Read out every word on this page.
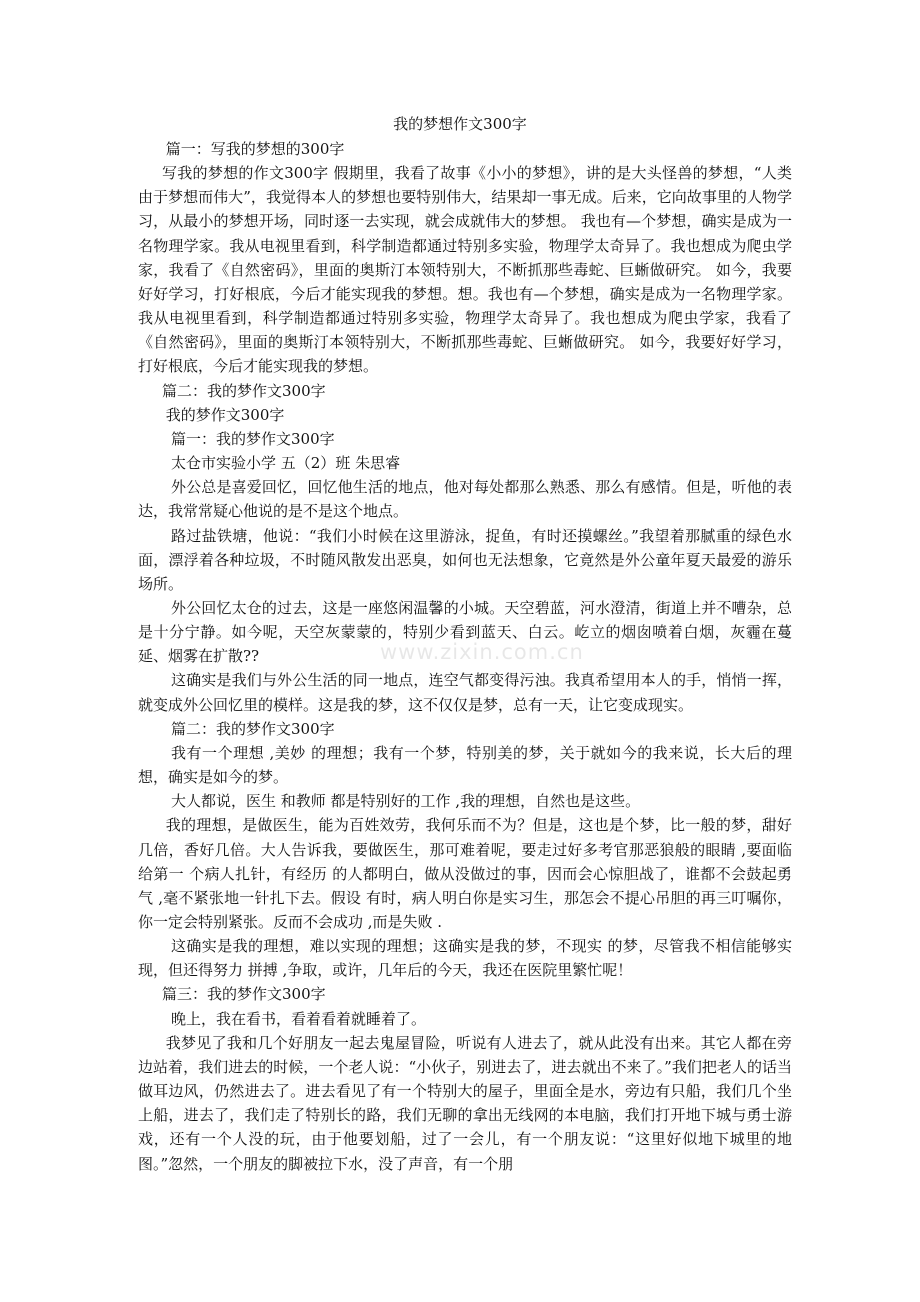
我的梦想作文300字

篇一：写我的梦想的300字

写我的梦想的作文300字 假期里，我看了故事《小小的梦想》，讲的是大头怪兽的梦想，“人类由于梦想而伟大”，我觉得本人的梦想也要特别伟大，结果却一事无成。后来，它向故事里的人物学习，从最小的梦想开场，同时逐一去实现，就会成就伟大的梦想。 我也有—个梦想，确实是成为一名物理学家。我从电视里看到，科学制造都通过特别多实验，物理学太奇异了。我也想成为爬虫学家，我看了《自然密码》，里面的奥斯汀本领特别大，不断抓那些毒蛇、巨蜥做研究。 如今，我要好好学习，打好根底，今后才能实现我的梦想。想。我也有—个梦想，确实是成为一名物理学家。我从电视里看到，科学制造都通过特别多实验，物理学太奇异了。我也想成为爬虫学家，我看了《自然密码》，里面的奥斯汀本领特别大，不断抓那些毒蛇、巨蜥做研究。 如今，我要好好学习，打好根底，今后才能实现我的梦想。

篇二：我的梦作文300字

我的梦作文300字

篇一：我的梦作文300字

太仓市实验小学 五（2）班 朱思睿

外公总是喜爱回忆，回忆他生活的地点，他对每处都那么熟悉、那么有感情。但是，听他的表达，我常常疑心他说的是不是这个地点。

路过盐铁塘，他说：“我们小时候在这里游泳，捉鱼，有时还摸螺丝。”我望着那腻重的绿色水面，漂浮着各种垃圾，不时随风散发出恶臭，如何也无法想象，它竟然是外公童年夏天最爱的游乐场所。

外公回忆太仓的过去，这是一座悠闲温馨的小城。天空碧蓝，河水澄清，街道上并不嘈杂，总是十分宁静。如今呢，天空灰蒙蒙的，特别少看到蓝天、白云。屹立的烟囱喷着白烟，灰霾在蔓延、烟雾在扩散??

这确实是我们与外公生活的同一地点，连空气都变得污浊。我真希望用本人的手，悄悄一挥，就变成外公回忆里的模样。这是我的梦，这不仅仅是梦，总有一天，让它变成现实。

篇二：我的梦作文300字

我有一个理想 ,美妙 的理想；我有一个梦，特别美的梦，关于就如今的我来说，长大后的理想，确实是如今的梦。

大人都说，医生 和教师 都是特别好的工作 ,我的理想，自然也是这些。

我的理想，是做医生，能为百姓效劳，我何乐而不为？但是，这也是个梦，比一般的梦，甜好几倍，香好几倍。大人告诉我，要做医生，那可难着呢，要走过好多考官那恶狼般的眼睛 ,要面临给第一 个病人扎针，有经历 的人都明白，做从没做过的事，因而会心惊胆战了，谁都不会鼓起勇气 ,毫不紧张地一针扎下去。假设 有时，病人明白你是实习生，那怎会不提心吊胆的再三叮嘱你，你一定会特别紧张。反而不会成功 ,而是失败 .

这确实是我的理想，难以实现的理想；这确实是我的梦，不现实 的梦，尽管我不相信能够实现，但还得努力 拼搏 ,争取，或许，几年后的今天，我还在医院里繁忙呢！

篇三：我的梦作文300字

晚上，我在看书，看着看着就睡着了。

我梦见了我和几个好朋友一起去鬼屋冒险，听说有人进去了，就从此没有出来。其它人都在旁边站着，我们进去的时候，一个老人说：“小伙子，别进去了，进去就出不来了。”我们把老人的话当做耳边风，仍然进去了。进去看见了有一个特别大的屋子，里面全是水，旁边有只船，我们几个坐上船，进去了，我们走了特别长的路，我们无聊的拿出无线网的本电脑，我们打开地下城与勇士游戏，还有一个人没的玩，由于他要划船，过了一会儿，有一个朋友说：“这里好似地下城里的地图。”忽然，一个朋友的脚被拉下水，没了声音，有一个朋

www.zixin.com.cn
